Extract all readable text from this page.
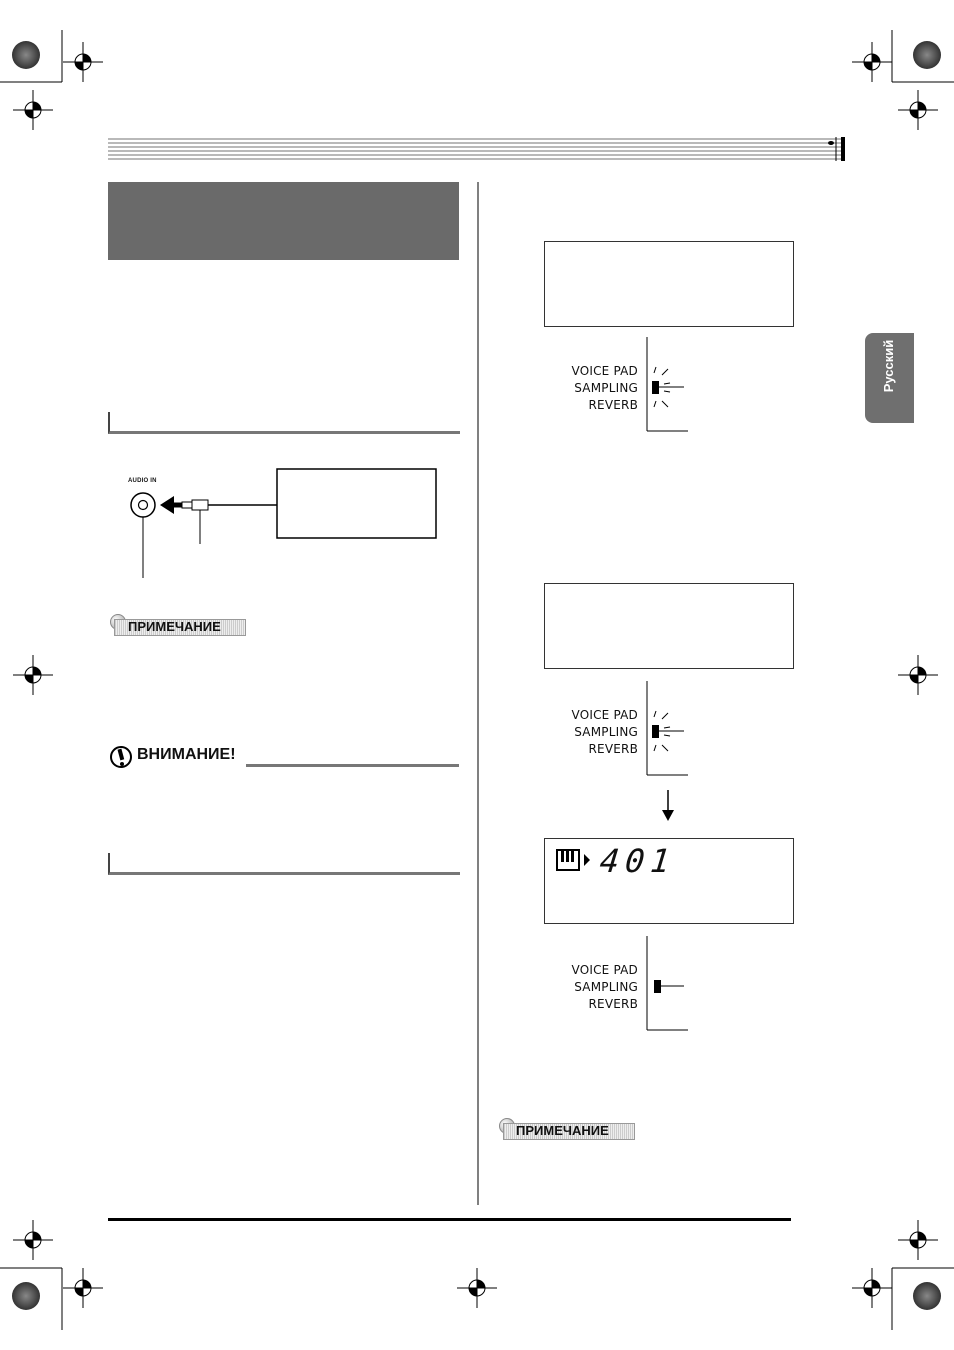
Русский
AUDIO IN
ПРИМЕЧАНИЕ
ВНИМАНИЕ!
VOICE PAD
SAMPLING
REVERB
VOICE PAD
SAMPLING
REVERB
401
VOICE PAD
SAMPLING
REVERB
ПРИМЕЧАНИЕ
